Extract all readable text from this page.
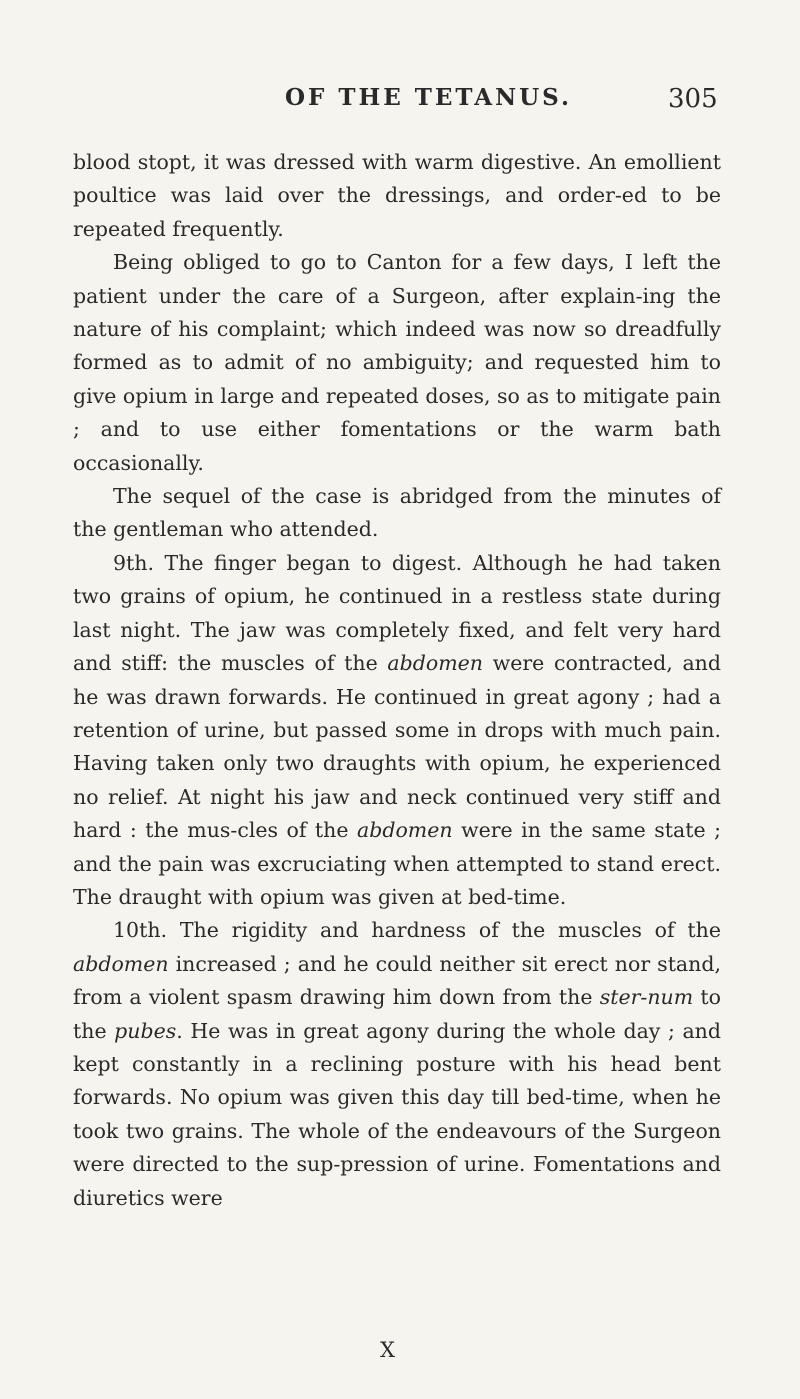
OF THE TETANUS.	305

blood stopt, it was dressed with warm digestive. An emollient poultice was laid over the dressings, and order-ed to be repeated frequently.

Being obliged to go to Canton for a few days, I left the patient under the care of a Surgeon, after explain-ing the nature of his complaint; which indeed was now so dreadfully formed as to admit of no ambiguity; and requested him to give opium in large and repeated doses, so as to mitigate pain ; and to use either fomentations or the warm bath occasionally.

The sequel of the case is abridged from the minutes of the gentleman who attended.

9th. The finger began to digest. Although he had taken two grains of opium, he continued in a restless state during last night. The jaw was completely fixed, and felt very hard and stiff: the muscles of the abdomen were contracted, and he was drawn forwards. He continued in great agony ; had a retention of urine, but passed some in drops with much pain. Having taken only two draughts with opium, he experienced no relief. At night his jaw and neck continued very stiff and hard : the mus-cles of the abdomen were in the same state ; and the pain was excruciating when attempted to stand erect. The draught with opium was given at bed-time.

10th. The rigidity and hardness of the muscles of the abdomen increased ; and he could neither sit erect nor stand, from a violent spasm drawing him down from the ster-num to the pubes. He was in great agony during the whole day ; and kept constantly in a reclining posture with his head bent forwards. No opium was given this day till bed-time, when he took two grains. The whole of the endeavours of the Surgeon were directed to the sup-pression of urine. Fomentations and diuretics were

X
